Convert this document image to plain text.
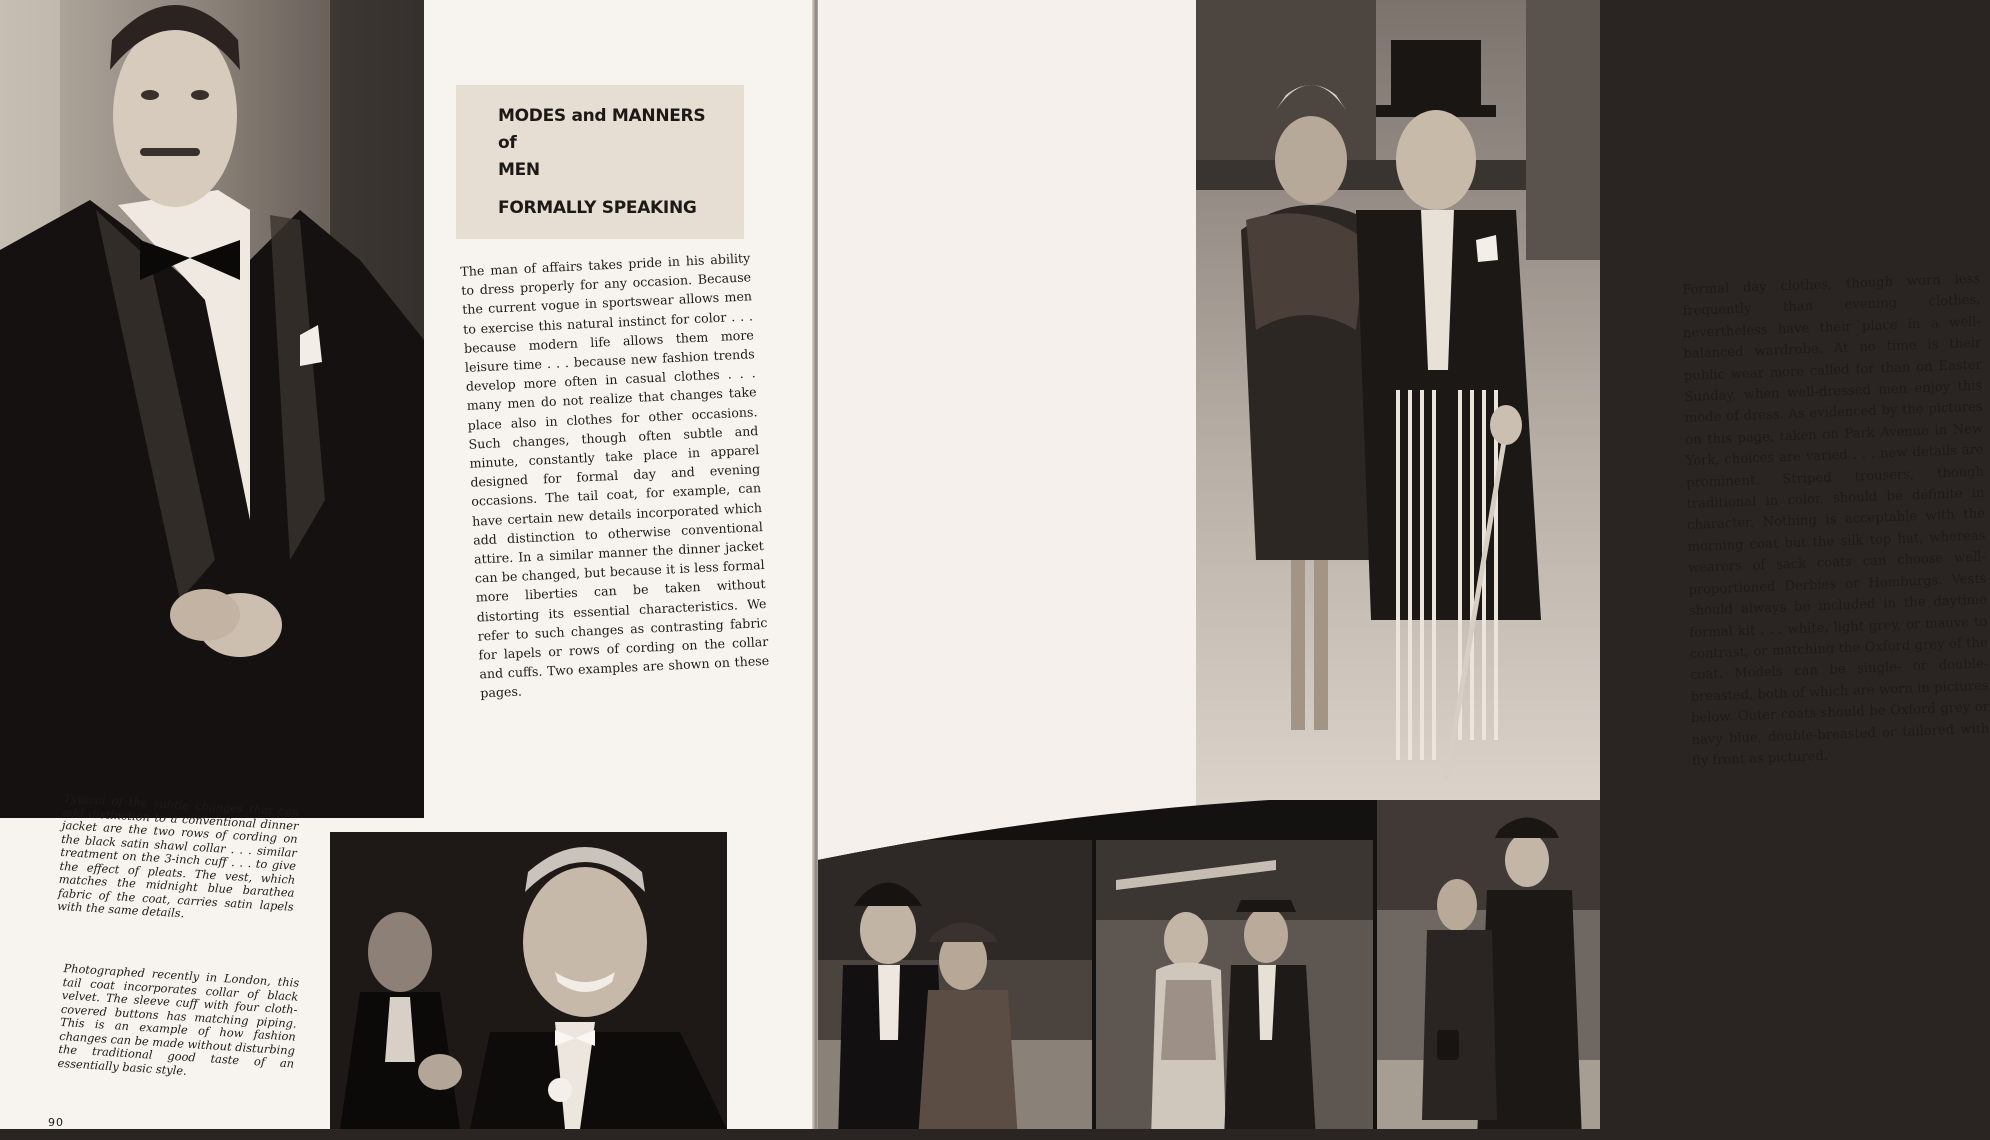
MODES and MANNERS
of
MEN
FORMALLY SPEAKING
The man of affairs takes pride in his ability to dress properly for any occasion. Because the current vogue in sportswear allows men to exercise this natural instinct for color . . . because modern life allows them more leisure time . . . because new fashion trends develop more often in casual clothes . . . many men do not realize that changes take place also in clothes for other occasions. Such changes, though often subtle and minute, constantly take place in apparel designed for formal day and evening occasions. The tail coat, for example, can have certain new details incorporated which add distinction to otherwise conventional attire. In a similar manner the dinner jacket can be changed, but because it is less formal more liberties can be taken without distorting its essential characteristics. We refer to such changes as contrasting fabric for lapels or rows of cording on the collar and cuffs. Two examples are shown on these pages.
Typical of the subtle changes that can add distinction to a conventional dinner jacket are the two rows of cording on the black satin shawl collar . . . similar treatment on the 3-inch cuff . . . to give the effect of pleats. The vest, which matches the midnight blue barathea fabric of the coat, carries satin lapels with the same details.
Photographed recently in London, this tail coat incorporates collar of black velvet. The sleeve cuff with four cloth-covered buttons has matching piping. This is an example of how fashion changes can be made without disturbing the traditional good taste of an essentially basic style.
90
Formal day clothes, though worn less frequently than evening clothes, nevertheless have their place in a well-balanced wardrobe. At no time is their public wear more called for than on Easter Sunday, when well-dressed men enjoy this mode of dress. As evidenced by the pictures on this page, taken on Park Avenue in New York, choices are varied . . . new details are prominent. Striped trousers, though traditional in color, should be definite in character. Nothing is acceptable with the morning coat but the silk top hat, whereas wearers of sack coats can choose well-proportioned Derbies or Homburgs. Vests should always be included in the daytime formal kit . . . white, light grey, or mauve to contrast, or matching the Oxford grey of the coat. Models can be single- or double-breasted, both of which are worn in pictures below. Outer coats should be Oxford grey or navy blue, double-breasted or tailored with fly front as pictured.
